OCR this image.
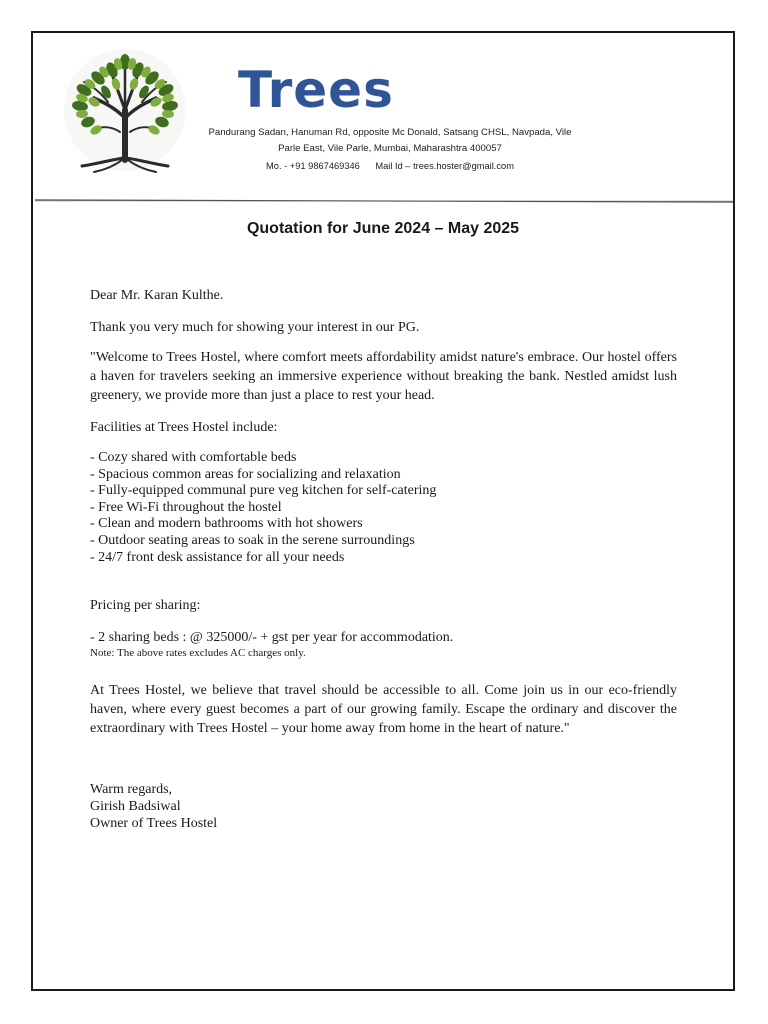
Trees
Pandurang Sadan, Hanuman Rd, opposite Mc Donald, Satsang CHSL, Navpada, Vile Parle East, Vile Parle, Mumbai, Maharashtra 400057
Mo. - +91 9867469346      Mail Id – trees.hoster@gmail.com
Quotation for June 2024 – May 2025

Dear Mr. Karan Kulthe.

Thank you very much for showing your interest in our PG.

"Welcome to Trees Hostel, where comfort meets affordability amidst nature's embrace. Our hostel offers a haven for travelers seeking an immersive experience without breaking the bank. Nestled amidst lush greenery, we provide more than just a place to rest your head.

Facilities at Trees Hostel include:

- Cozy shared with comfortable beds
- Spacious common areas for socializing and relaxation
- Fully-equipped communal pure veg kitchen for self-catering
- Free Wi-Fi throughout the hostel
- Clean and modern bathrooms with hot showers
- Outdoor seating areas to soak in the serene surroundings
- 24/7 front desk assistance for all your needs

Pricing per sharing:

- 2 sharing beds : @ 325000/- + gst per year for accommodation.

Note: The above rates excludes AC charges only.

At Trees Hostel, we believe that travel should be accessible to all. Come join us in our eco-friendly haven, where every guest becomes a part of our growing family. Escape the ordinary and discover the extraordinary with Trees Hostel – your home away from home in the heart of nature."

Warm regards,
Girish Badsiwal
Owner of Trees Hostel
